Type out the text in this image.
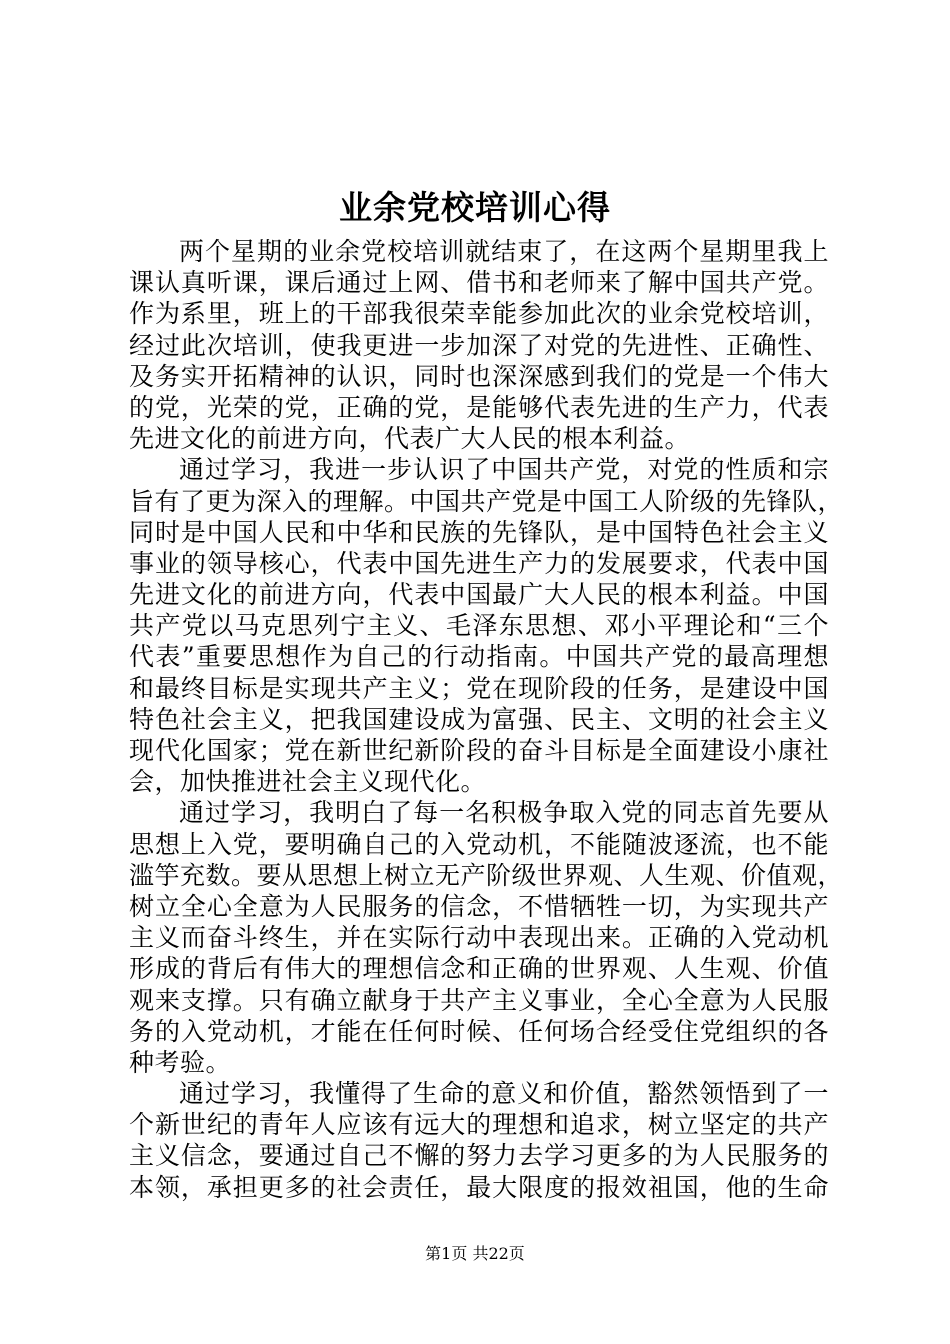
业余党校培训心得

两个星期的业余党校培训就结束了，在这两个星期里我上
课认真听课，课后通过上网、借书和老师来了解中国共产党。
作为系里，班上的干部我很荣幸能参加此次的业余党校培训，
经过此次培训，使我更进一步加深了对党的先进性、正确性、
及务实开拓精神的认识，同时也深深感到我们的党是一个伟大
的党，光荣的党，正确的党，是能够代表先进的生产力，代表
先进文化的前进方向，代表广大人民的根本利益。

通过学习，我进一步认识了中国共产党，对党的性质和宗
旨有了更为深入的理解。中国共产党是中国工人阶级的先锋队，
同时是中国人民和中华和民族的先锋队，是中国特色社会主义
事业的领导核心，代表中国先进生产力的发展要求，代表中国
先进文化的前进方向，代表中国最广大人民的根本利益。中国
共产党以马克思列宁主义、毛泽东思想、邓小平理论和“三个
代表”重要思想作为自己的行动指南。中国共产党的最高理想
和最终目标是实现共产主义；党在现阶段的任务，是建设中国
特色社会主义，把我国建设成为富强、民主、文明的社会主义
现代化国家；党在新世纪新阶段的奋斗目标是全面建设小康社
会，加快推进社会主义现代化。

通过学习，我明白了每一名积极争取入党的同志首先要从
思想上入党，要明确自己的入党动机，不能随波逐流，也不能
滥竽充数。要从思想上树立无产阶级世界观、人生观、价值观，
树立全心全意为人民服务的信念，不惜牺牲一切，为实现共产
主义而奋斗终生，并在实际行动中表现出来。正确的入党动机
形成的背后有伟大的理想信念和正确的世界观、人生观、价值
观来支撑。只有确立献身于共产主义事业，全心全意为人民服
务的入党动机，才能在任何时候、任何场合经受住党组织的各
种考验。

通过学习，我懂得了生命的意义和价值，豁然领悟到了一
个新世纪的青年人应该有远大的理想和追求，树立坚定的共产
主义信念，要通过自己不懈的努力去学习更多的为人民服务的
本领，承担更多的社会责任，最大限度的报效祖国，他的生命

第1页 共22页
